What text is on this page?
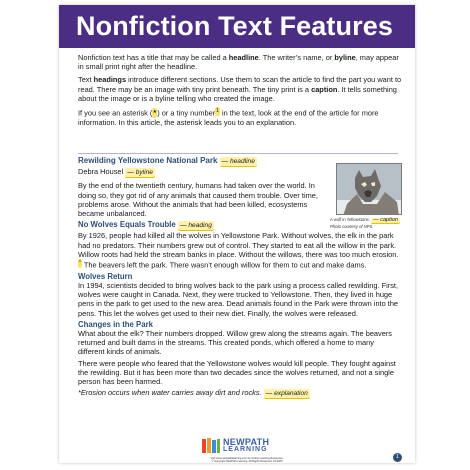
Nonfiction Text Features

Nonfiction text has a title that may be called a headline. The writer’s name, or byline, may appear in small print right after the headline.

Text headings introduce different sections. Use them to scan the article to find the part you want to read. There may be an image with tiny print beneath. The tiny print is a caption. It tells something about the image or is a byline telling who created the image.

If you see an asterisk (*) or a tiny number1 in the text, look at the end of the article for more information. In this article, the asterisk leads you to an explanation.

Rewilding Yellowstone National Park — headline
Debra Housel — byline

By the end of the twentieth century, humans had taken over the world. In doing so, they got rid of any animals that caused them trouble. Over time, problems arose. Without the animals that had been killed, ecosystems became unbalanced.

No Wolves Equals Trouble — heading

By 1926, people had killed all the wolves in Yellowstone Park. Without wolves, the elk in the park had no predators. Their numbers grew out of control. They started to eat all the willow in the park. Willow roots had held the stream banks in place. Without the willows, there was too much erosion.* The beavers left the park. There wasn’t enough willow for them to cut and make dams.

Wolves Return

In 1994, scientists decided to bring wolves back to the park using a process called rewilding. First, wolves were caught in Canada. Next, they were trucked to Yellowstone. Then, they lived in huge pens in the park to get used to the new area. Dead animals found in the Park were thrown into the pens. This let the wolves get used to their new diet. Finally, the wolves were released.

Changes in the Park

What about the elk? Their numbers dropped. Willow grew along the streams again. The beavers returned and built dams in the streams. This created ponds, which offered a home to many different kinds of animals.

There were people who feared that the Yellowstone wolves would kill people. They fought against the rewilding. But it has been more than two decades since the wolves returned, and not a single person has been harmed.

*Erosion occurs when water carries away dirt and rocks. — explanation

A wolf in Yellowstone. — caption
Photo courtesy of NPS
NEWPATH
LEARNING
Visit www.newpathlearning.com for Online Learning Resources.
© Copyright NewPath Learning. All Rights Reserved. 33-9025
1
